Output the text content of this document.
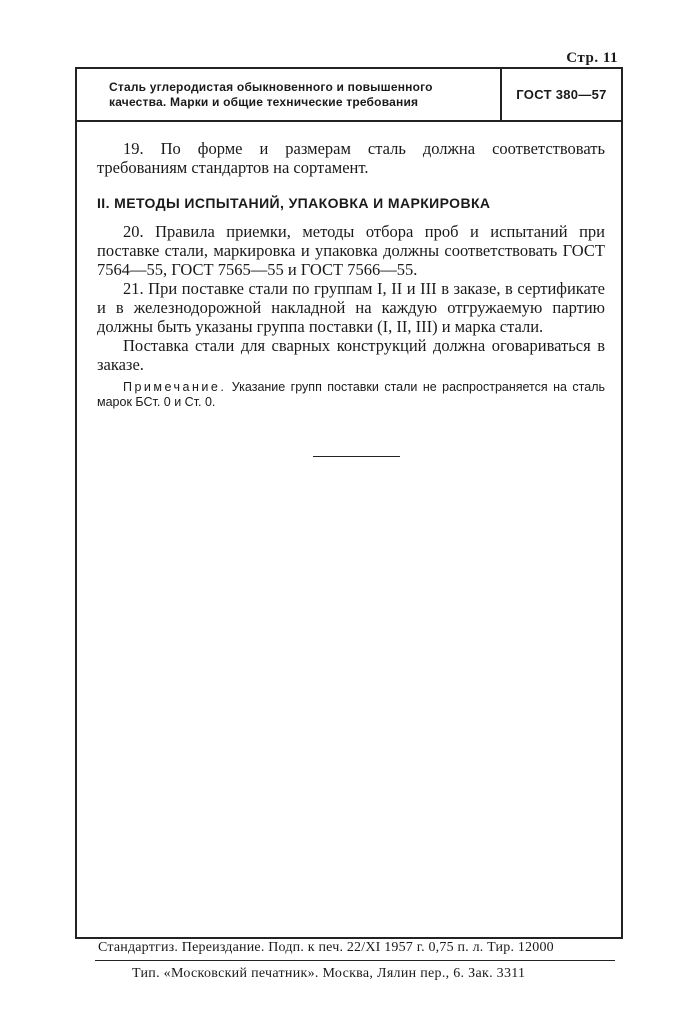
Стр. 11
Сталь углеродистая обыкновенного и повышенного
качества. Марки и общие технические требования	ГОСТ 380—57

19. По форме и размерам сталь должна соответствовать требованиям стандартов на сортамент.

II. МЕТОДЫ ИСПЫТАНИЙ, УПАКОВКА И МАРКИРОВКА

20. Правила приемки, методы отбора проб и испытаний при поставке стали, маркировка и упаковка должны соответствовать ГОСТ 7564—55, ГОСТ 7565—55 и ГОСТ 7566—55.

21. При поставке стали по группам I, II и III в заказе, в сертификате и в железнодорожной накладной на каждую отгружаемую партию должны быть указаны группа поставки (I, II, III) и марка стали.

Поставка стали для сварных конструкций должна оговариваться в заказе.

Примечание. Указание групп поставки стали не распространяется на сталь марок БСт. 0 и Ст. 0.

Стандартгиз. Переиздание. Подп. к печ. 22/XI 1957 г. 0,75 п. л. Тир. 12000
Тип. «Московский печатник». Москва, Лялин пер., 6. Зак. 3311
